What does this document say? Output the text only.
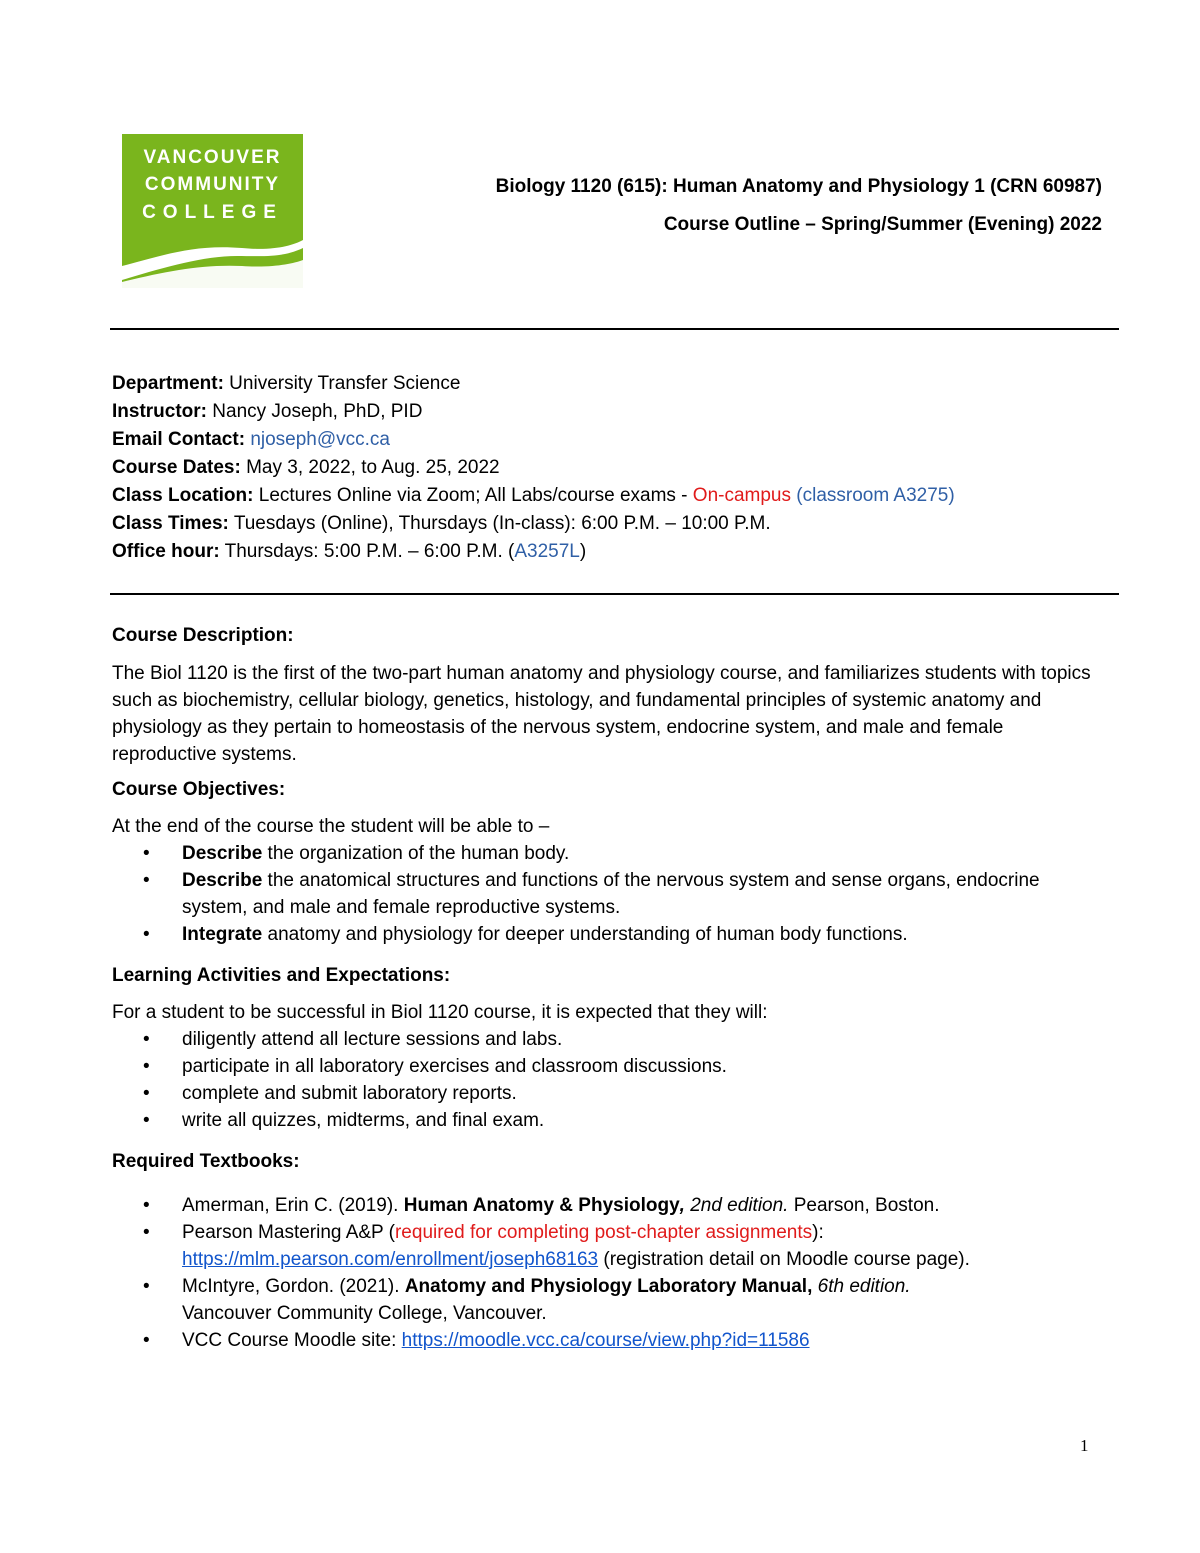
VANCOUVER
COMMUNITY
COLLEGE
Biology 1120 (615): Human Anatomy and Physiology 1 (CRN 60987)
Course Outline – Spring/Summer (Evening) 2022
Department: University Transfer Science
Instructor: Nancy Joseph, PhD, PID
Email Contact: njoseph@vcc.ca
Course Dates: May 3, 2022, to Aug. 25, 2022
Class Location: Lectures Online via Zoom; All Labs/course exams - On-campus (classroom A3275)
Class Times: Tuesdays (Online), Thursdays (In-class): 6:00 P.M. – 10:00 P.M.
Office hour: Thursdays: 5:00 P.M. – 6:00 P.M. (A3257L)
Course Description:
The Biol 1120 is the first of the two-part human anatomy and physiology course, and familiarizes students with topics such as biochemistry, cellular biology, genetics, histology, and fundamental principles of systemic anatomy and physiology as they pertain to homeostasis of the nervous system, endocrine system, and male and female reproductive systems.
Course Objectives:
At the end of the course the student will be able to –
• Describe the organization of the human body.
• Describe the anatomical structures and functions of the nervous system and sense organs, endocrine system, and male and female reproductive systems.
• Integrate anatomy and physiology for deeper understanding of human body functions.
Learning Activities and Expectations:
For a student to be successful in Biol 1120 course, it is expected that they will:
• diligently attend all lecture sessions and labs.
• participate in all laboratory exercises and classroom discussions.
• complete and submit laboratory reports.
• write all quizzes, midterms, and final exam.
Required Textbooks:
• Amerman, Erin C. (2019). Human Anatomy & Physiology, 2nd edition. Pearson, Boston.
• Pearson Mastering A&P (required for completing post-chapter assignments):
https://mlm.pearson.com/enrollment/joseph68163 (registration detail on Moodle course page).
• McIntyre, Gordon. (2021). Anatomy and Physiology Laboratory Manual, 6th edition.
Vancouver Community College, Vancouver.
• VCC Course Moodle site: https://moodle.vcc.ca/course/view.php?id=11586
1
